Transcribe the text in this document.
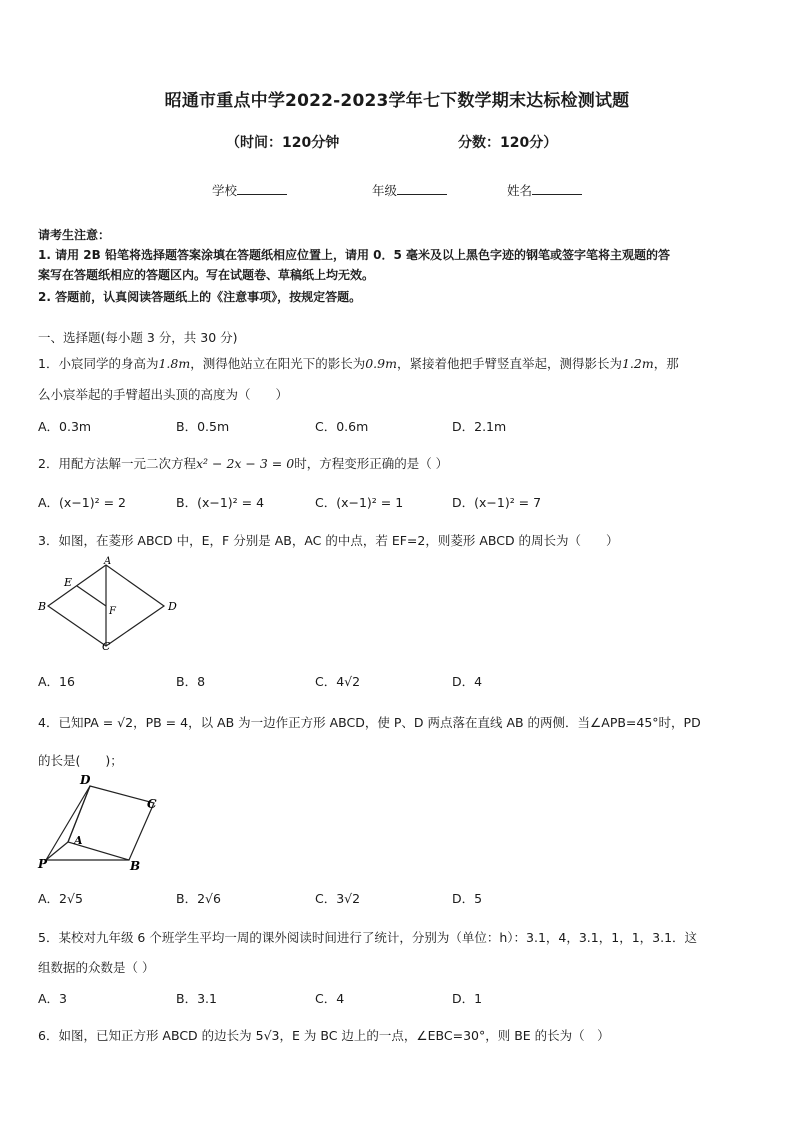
昭通市重点中学2022-2023学年七下数学期末达标检测试题
（时间：120分钟	分数：120分）
学校	年级	姓名
请考生注意：
1. 请用 2B 铅笔将选择题答案涂填在答题纸相应位置上，请用 0．5 毫米及以上黑色字迹的钢笔或签字笔将主观题的答
案写在答题纸相应的答题区内。写在试题卷、草稿纸上均无效。
2. 答题前，认真阅读答题纸上的《注意事项》，按规定答题。
一、选择题(每小题 3 分，共 30 分)
1．小宸同学的身高为1.8m，测得他站立在阳光下的影长为0.9m，紧接着他把手臂竖直举起，测得影长为1.2m，那
么小宸举起的手臂超出头顶的高度为（　　）
A．0.3m	B．0.5m	C．0.6m	D．2.1m
2．用配方法解一元二次方程x² − 2x − 3 = 0时，方程变形正确的是（ ）
A．(x−1)² = 2	B．(x−1)² = 4	C．(x−1)² = 1	D．(x−1)² = 7
3．如图，在菱形 ABCD 中，E，F 分别是 AB，AC 的中点，若 EF=2，则菱形 ABCD 的周长为（　　）
A
B
C
D
E
F
A．16	B．8	C．4√2	D．4
4．已知PA = √2，PB = 4，以 AB 为一边作正方形 ABCD，使 P、D 两点落在直线 AB 的两侧．当∠APB=45°时，PD
的长是(　　)；
D
C
A
B
P
A．2√5	B．2√6	C．3√2	D．5
5．某校对九年级 6 个班学生平均一周的课外阅读时间进行了统计，分别为（单位：h）：3.1，4，3.1，1，1，3.1．这
组数据的众数是（ ）
A．3	B．3.1	C．4	D．1
6．如图，已知正方形 ABCD 的边长为 5√3，E 为 BC 边上的一点，∠EBC=30°，则 BE 的长为（　）
